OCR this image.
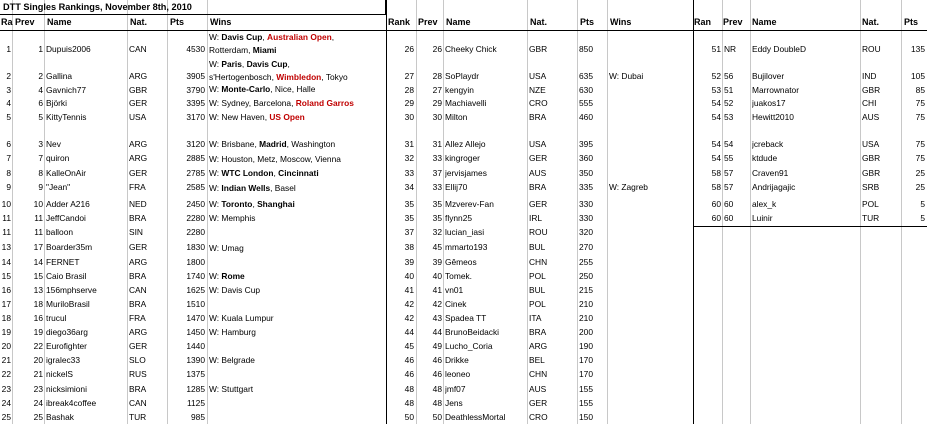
DTT Singles Rankings, November 8th, 2010
Ra Prev	Name	Nat.	Pts	Wins	Rank Prev Name	Nat.	Pts	Wins	Ran	Prev	Name	Nat.	Pts
1	1 Dupuis2006	CAN	4530
W: Davis Cup, Australian Open,
Rotterdam, Miami
2	2 Gallina	ARG	3905
W: Paris, Davis Cup,
s'Hertogenbosch, Wimbledon, Tokyo
3	4 Gavnich77	GBR	3790 W: Monte-Carlo, Nice, Halle
4	6 Björki	GER	3395 W: Sydney, Barcelona, Roland Garros
5	5 KittyTennis	USA	3170 W: New Haven, US Open
6	3 Nev	ARG	3120 W: Brisbane, Madrid, Washington
7	7 quiron	ARG	2885 W: Houston, Metz, Moscow, Vienna
8	8 KalleOnAir	GER	2785 W: WTC London, Cincinnati
9	9 "Jean"	FRA	2585 W: Indian Wells, Basel
10	10 Adder A216	NED	2450 W: Toronto, Shanghai
11	11 JeffCandoi	BRA	2280 W: Memphis
11	11 balloon	SIN	2280
13	17 Boarder35m	GER	1830 W: Umag
14	14 FERNET	ARG	1800
15	15 Caio Brasil	BRA	1740 W: Rome
16	13 156mphserve	CAN	1625 W: Davis Cup
17	18 MuriloBrasil	BRA	1510
18	16 trucul	FRA	1470 W: Kuala Lumpur
19	19 diego36arg	ARG	1450 W: Hamburg
20	22 Eurofighter	GER	1440
21	20 igralec33	SLO	1390 W: Belgrade
22	21 nickelS	RUS	1375
23	23 nicksimioni	BRA	1285 W: Stuttgart
24	24 ibreak4coffee	CAN	1125
25	25 Bashak	TUR	985
26	26 Cheeky Chick	GBR	850
27	28 SoPlaydr	USA	635	W: Dubai
28	27 kengyin	NZE	630
29	29 Machiavelli	CRO	555
30	30 Milton	BRA	460
31	31 Allez Allejo	USA	395
32	33 kingroger	GER	360
33	37 jervisjames	AUS	350
34	33 Ellij70	BRA	335	W: Zagreb
35	35 Mzverev-Fan	GER	330
35	35 flynn25	IRL	330
37	32 lucian_iasi	ROU	320
38	45 mmarto193	BUL	270
39	39 Gêmeos	CHN	255
40	40 Tomek.	POL	250
41	41 vn01	BUL	215
42	42 Cinek	POL	210
42	43 Spadea TT	ITA	210
44	44 BrunoBeidacki	BRA	200
45	49 Lucho_Coria	ARG	190
46	46 Drikke	BEL	170
46	46 leoneo	CHN	170
48	48 jmf07	AUS	155
48	48 Jens	GER	155
50	50 DeathlessMortal	CRO	150
51 NR	Eddy DoubleD	ROU	135
52 56	Bujilover	IND	105
53 51	Marrownator	GBR	85
54 52	juakos17	CHI	75
54 53	Hewitt2010	AUS	75
54 54	jcreback	USA	75
54 55	ktdude	GBR	75
58 57	Craven91	GBR	25
58 57	Andrijagajic	SRB	25
60 60	alex_k	POL	5
60 60	Luinir	TUR	5
